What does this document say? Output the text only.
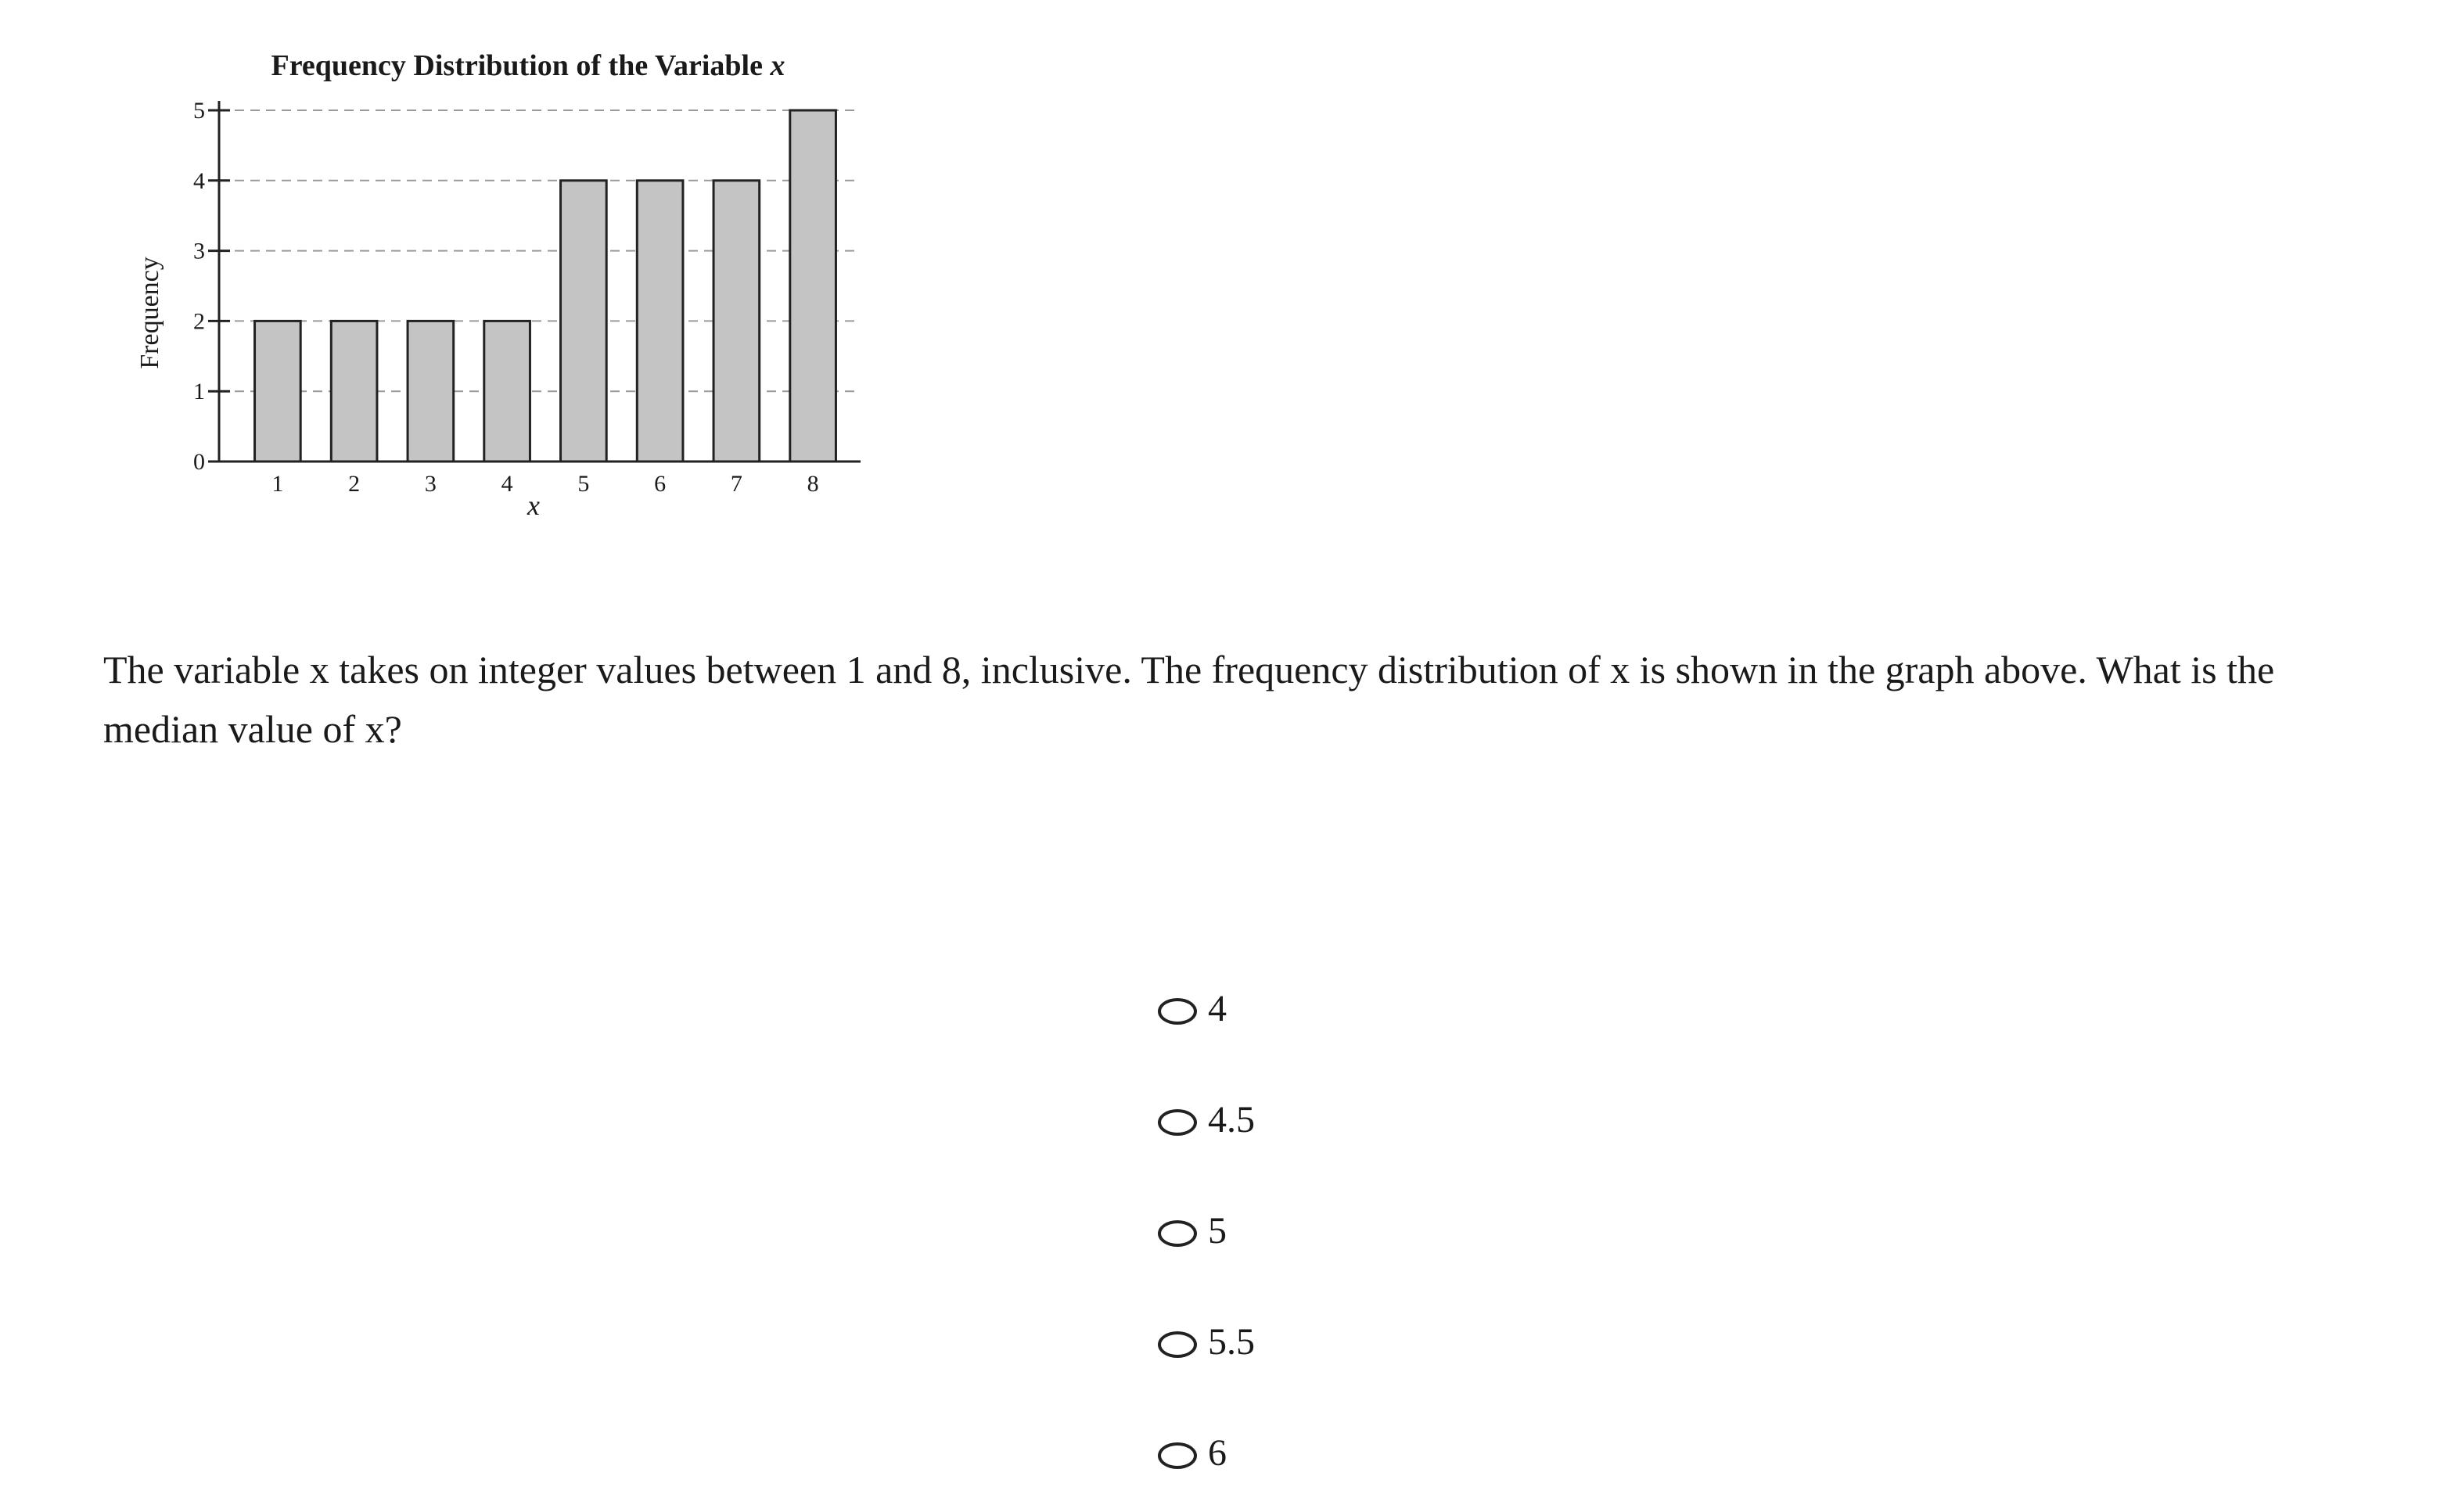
Frequency Distribution of the Variable x
Frequency
x
1	2	3	4	5	6	7	8
0
1
2
3
4
5

The variable x takes on integer values between 1 and 8, inclusive. The frequency distribution of x is shown in the graph above. What is the median value of x?

4
4.5
5
5.5
6
